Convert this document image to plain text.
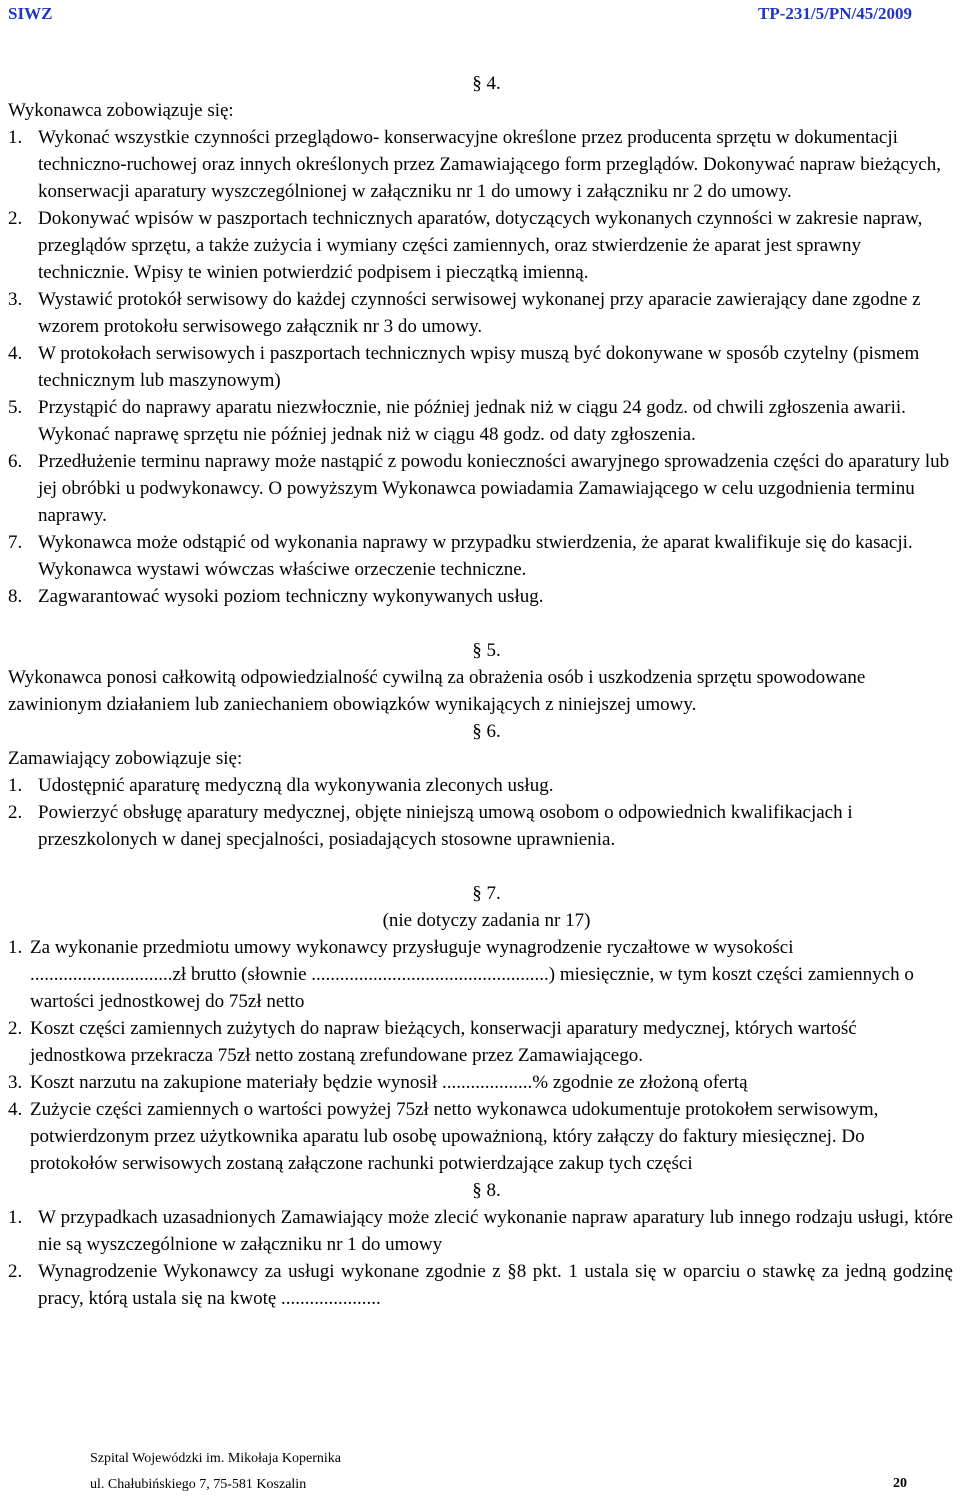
SIWZ	TP-231/5/PN/45/2009
§ 4.
Wykonawca zobowiązuje się:
1. Wykonać wszystkie czynności przeglądowo- konserwacyjne określone przez producenta sprzętu w dokumentacji techniczno-ruchowej oraz innych określonych przez Zamawiającego form przeglądów. Dokonywać napraw bieżących, konserwacji aparatury wyszczególnionej w załączniku nr 1 do umowy i załączniku nr 2 do umowy.
2. Dokonywać wpisów w paszportach technicznych aparatów, dotyczących wykonanych czynności w zakresie napraw, przeglądów sprzętu, a także zużycia i wymiany części zamiennych, oraz stwierdzenie że aparat jest sprawny technicznie. Wpisy te winien potwierdzić podpisem i pieczątką imienną.
3. Wystawić protokół serwisowy do każdej czynności serwisowej wykonanej przy aparacie zawierający dane zgodne z wzorem protokołu serwisowego załącznik nr 3 do umowy.
4. W protokołach serwisowych i paszportach technicznych wpisy muszą być dokonywane w sposób czytelny (pismem technicznym lub maszynowym)
5. Przystąpić do naprawy aparatu niezwłocznie, nie później jednak niż w ciągu 24 godz. od chwili zgłoszenia awarii. Wykonać naprawę sprzętu nie później jednak niż w ciągu 48 godz. od daty zgłoszenia.
6. Przedłużenie terminu naprawy może nastąpić z powodu konieczności awaryjnego sprowadzenia części do aparatury lub jej obróbki u podwykonawcy. O powyższym Wykonawca powiadamia Zamawiającego w celu uzgodnienia terminu naprawy.
7. Wykonawca może odstąpić od wykonania naprawy w przypadku stwierdzenia, że aparat kwalifikuje się do kasacji. Wykonawca wystawi wówczas właściwe orzeczenie techniczne.
8. Zagwarantować wysoki poziom techniczny wykonywanych usług.
§ 5.
Wykonawca ponosi całkowitą odpowiedzialność cywilną za obrażenia osób i uszkodzenia sprzętu spowodowane zawinionym działaniem lub zaniechaniem obowiązków wynikających z niniejszej umowy.
§ 6.
Zamawiający zobowiązuje się:
1. Udostępnić aparaturę medyczną dla wykonywania zleconych usług.
2. Powierzyć obsługę aparatury medycznej, objęte niniejszą umową osobom o odpowiednich kwalifikacjach i przeszkolonych w danej specjalności, posiadających stosowne uprawnienia.
§ 7.
(nie dotyczy zadania nr 17)
1. Za wykonanie przedmiotu umowy wykonawcy przysługuje wynagrodzenie ryczałtowe w wysokości ..............................zł brutto (słownie ..................................................) miesięcznie, w tym koszt części zamiennych o wartości jednostkowej do 75zł netto
2. Koszt części zamiennych zużytych do napraw bieżących, konserwacji aparatury medycznej, których wartość jednostkowa przekracza 75zł netto zostaną zrefundowane przez Zamawiającego.
3. Koszt narzutu na zakupione materiały będzie wynosił ...................% zgodnie ze złożoną ofertą
4. Zużycie części zamiennych o wartości powyżej 75zł netto wykonawca udokumentuje protokołem serwisowym, potwierdzonym przez użytkownika aparatu lub osobę upoważnioną, który załączy do faktury miesięcznej. Do protokołów serwisowych zostaną załączone rachunki potwierdzające zakup tych części
§ 8.
1. W przypadkach uzasadnionych Zamawiający może zlecić wykonanie napraw aparatury lub innego rodzaju usługi, które nie są wyszczególnione w załączniku nr 1 do umowy
2. Wynagrodzenie Wykonawcy za usługi wykonane zgodnie z §8 pkt. 1 ustala się w oparciu o stawkę za jedną godzinę pracy, którą ustala się na kwotę .....................
Szpital Wojewódzki im. Mikołaja Kopernika
ul. Chałubińskiego 7, 75-581 Koszalin	20
